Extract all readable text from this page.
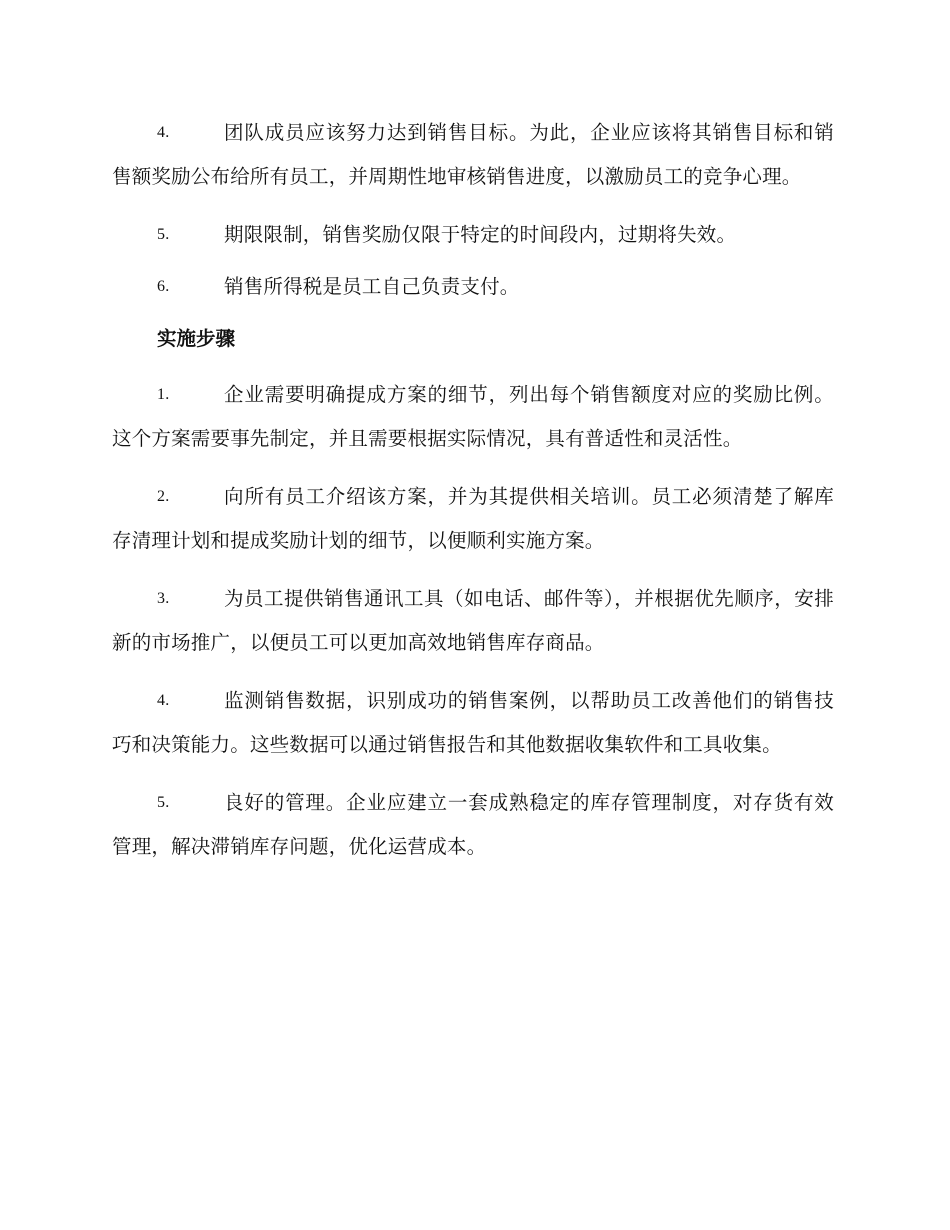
4.	团队成员应该努力达到销售目标。为此，企业应该将其销售目标和销售额奖励公布给所有员工，并周期性地审核销售进度，以激励员工的竞争心理。

5.	期限限制，销售奖励仅限于特定的时间段内，过期将失效。

6.	销售所得税是员工自己负责支付。

实施步骤

1.	企业需要明确提成方案的细节，列出每个销售额度对应的奖励比例。这个方案需要事先制定，并且需要根据实际情况，具有普适性和灵活性。

2.	向所有员工介绍该方案，并为其提供相关培训。员工必须清楚了解库存清理计划和提成奖励计划的细节，以便顺利实施方案。

3.	为员工提供销售通讯工具（如电话、邮件等），并根据优先顺序，安排新的市场推广，以便员工可以更加高效地销售库存商品。

4.	监测销售数据，识别成功的销售案例，以帮助员工改善他们的销售技巧和决策能力。这些数据可以通过销售报告和其他数据收集软件和工具收集。

5.	良好的管理。企业应建立一套成熟稳定的库存管理制度，对存货有效管理，解决滞销库存问题，优化运营成本。
